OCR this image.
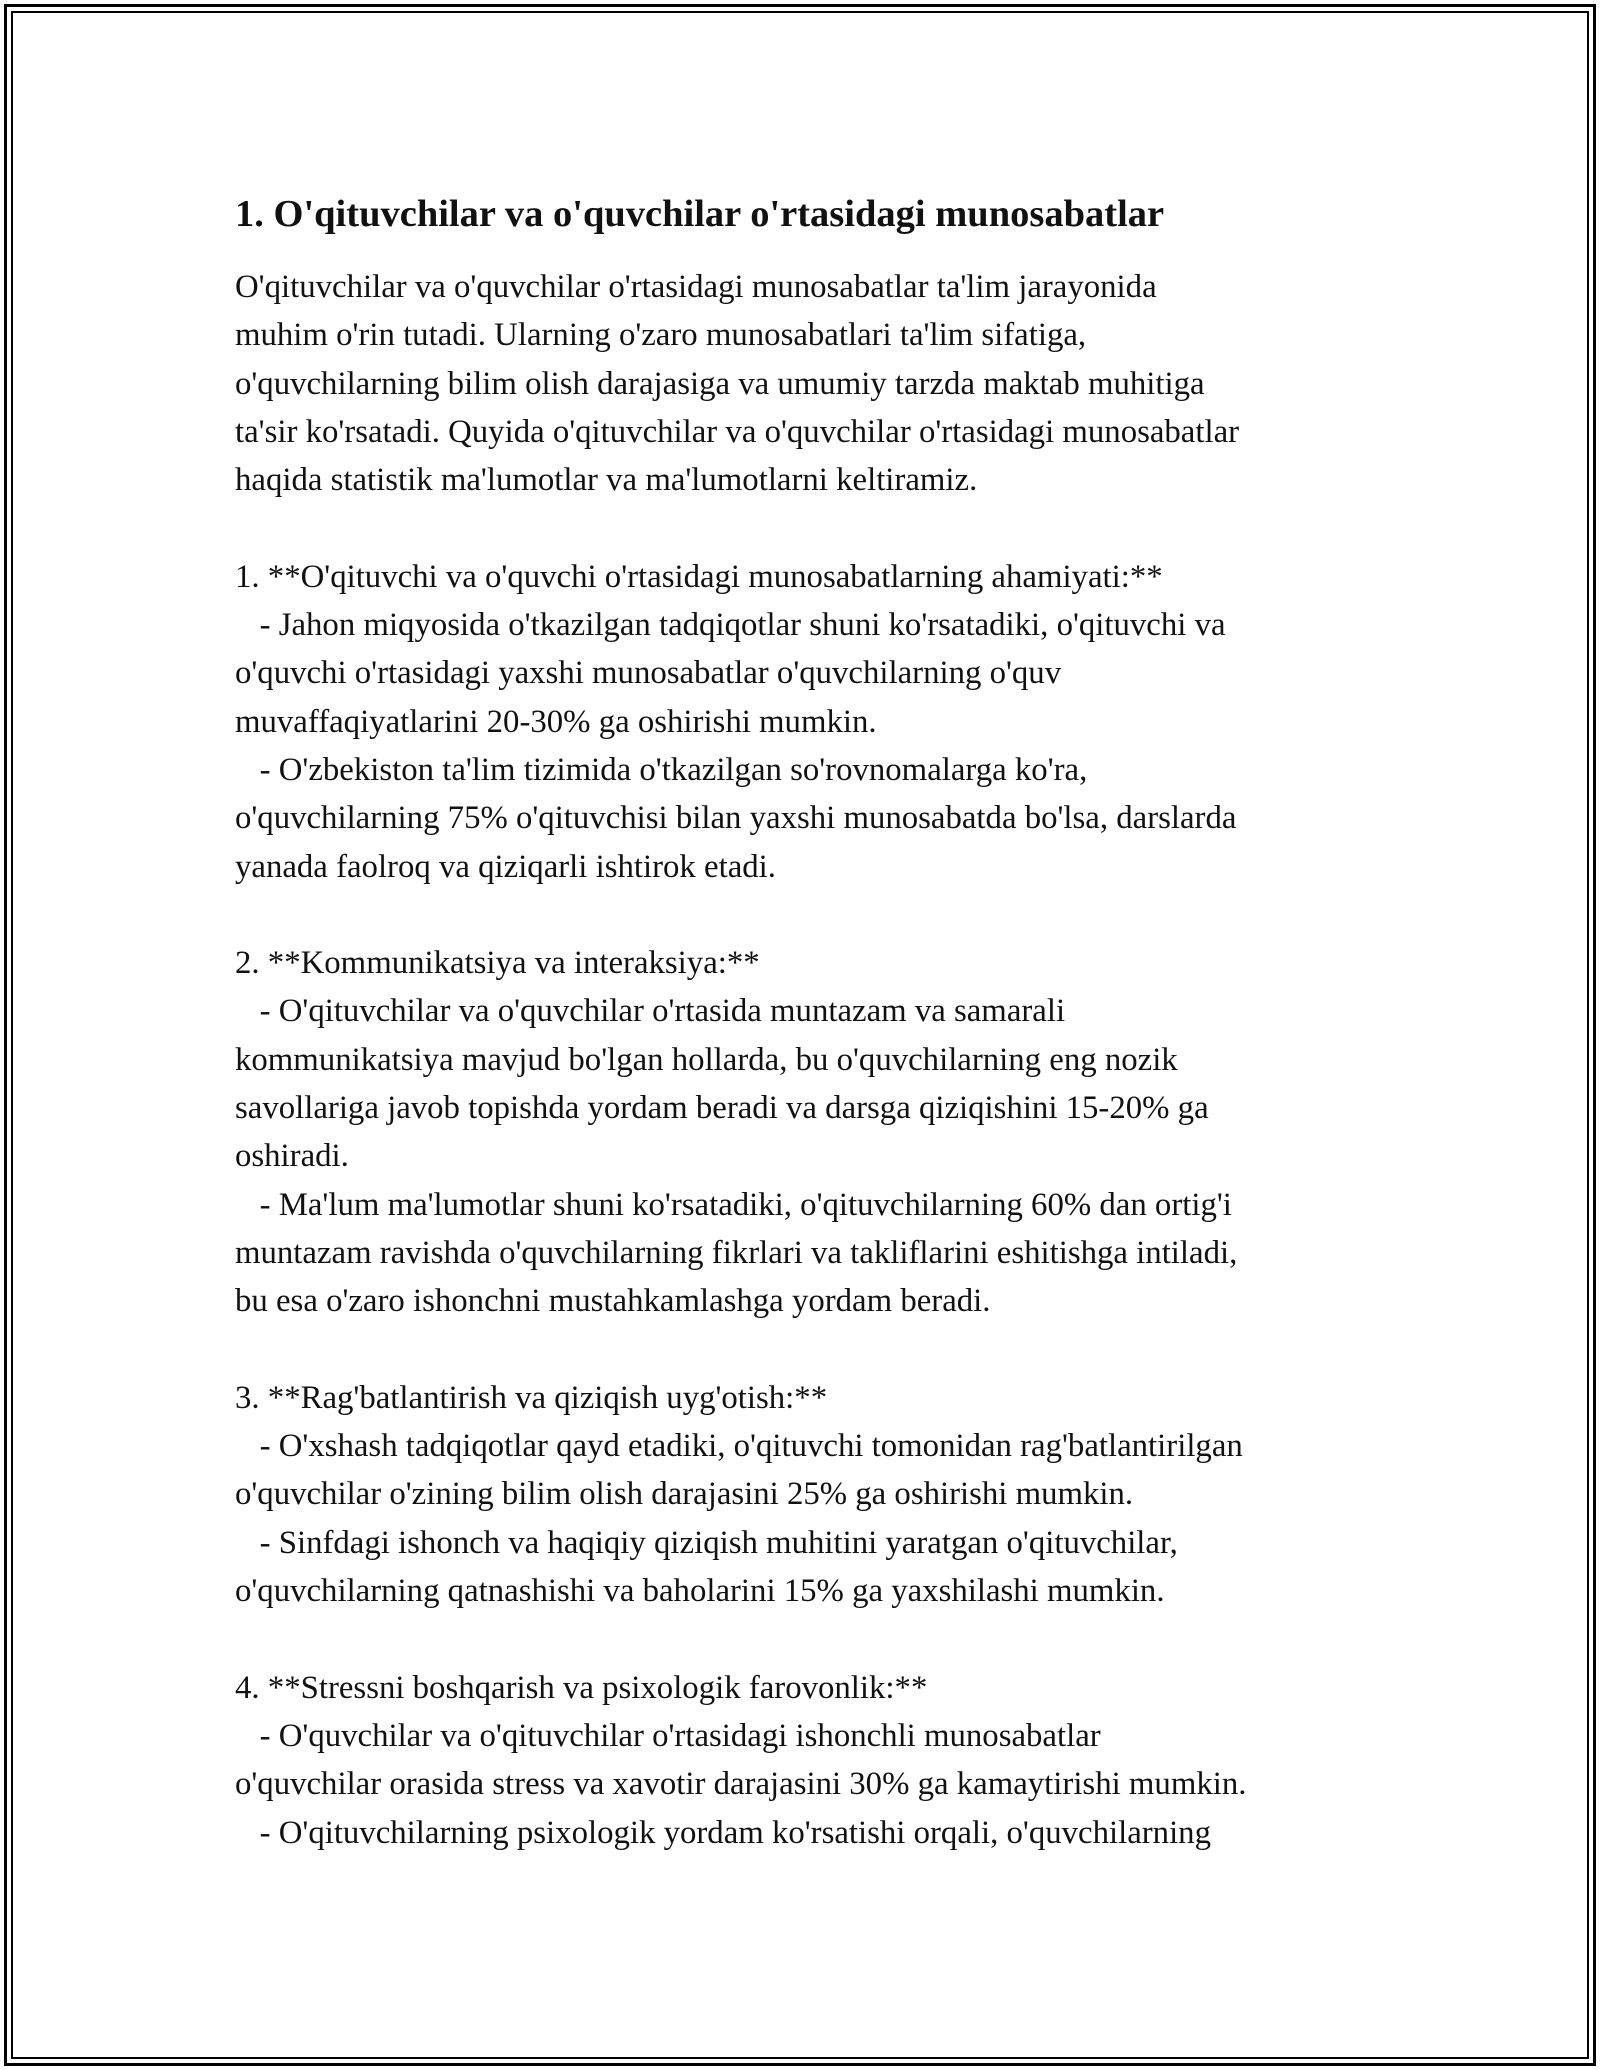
1. O'qituvchilar va o'quvchilar o'rtasidagi munosabatlar
O'qituvchilar va o'quvchilar o'rtasidagi munosabatlar ta'lim jarayonida
muhim o'rin tutadi. Ularning o'zaro munosabatlari ta'lim sifatiga,
o'quvchilarning bilim olish darajasiga va umumiy tarzda maktab muhitiga
ta'sir ko'rsatadi. Quyida o'qituvchilar va o'quvchilar o'rtasidagi munosabatlar
haqida statistik ma'lumotlar va ma'lumotlarni keltiramiz.
1. **O'qituvchi va o'quvchi o'rtasidagi munosabatlarning ahamiyati:**
- Jahon miqyosida o'tkazilgan tadqiqotlar shuni ko'rsatadiki, o'qituvchi va
o'quvchi o'rtasidagi yaxshi munosabatlar o'quvchilarning o'quv
muvaffaqiyatlarini 20-30% ga oshirishi mumkin.
- O'zbekiston ta'lim tizimida o'tkazilgan so'rovnomalarga ko'ra,
o'quvchilarning 75% o'qituvchisi bilan yaxshi munosabatda bo'lsa, darslarda
yanada faolroq va qiziqarli ishtirok etadi.
2. **Kommunikatsiya va interaksiya:**
- O'qituvchilar va o'quvchilar o'rtasida muntazam va samarali
kommunikatsiya mavjud bo'lgan hollarda, bu o'quvchilarning eng nozik
savollariga javob topishda yordam beradi va darsga qiziqishini 15-20% ga
oshiradi.
- Ma'lum ma'lumotlar shuni ko'rsatadiki, o'qituvchilarning 60% dan ortig'i
muntazam ravishda o'quvchilarning fikrlari va takliflarini eshitishga intiladi,
bu esa o'zaro ishonchni mustahkamlashga yordam beradi.
3. **Rag'batlantirish va qiziqish uyg'otish:**
- O'xshash tadqiqotlar qayd etadiki, o'qituvchi tomonidan rag'batlantirilgan
o'quvchilar o'zining bilim olish darajasini 25% ga oshirishi mumkin.
- Sinfdagi ishonch va haqiqiy qiziqish muhitini yaratgan o'qituvchilar,
o'quvchilarning qatnashishi va baholarini 15% ga yaxshilashi mumkin.
4. **Stressni boshqarish va psixologik farovonlik:**
- O'quvchilar va o'qituvchilar o'rtasidagi ishonchli munosabatlar
o'quvchilar orasida stress va xavotir darajasini 30% ga kamaytirishi mumkin.
- O'qituvchilarning psixologik yordam ko'rsatishi orqali, o'quvchilarning
